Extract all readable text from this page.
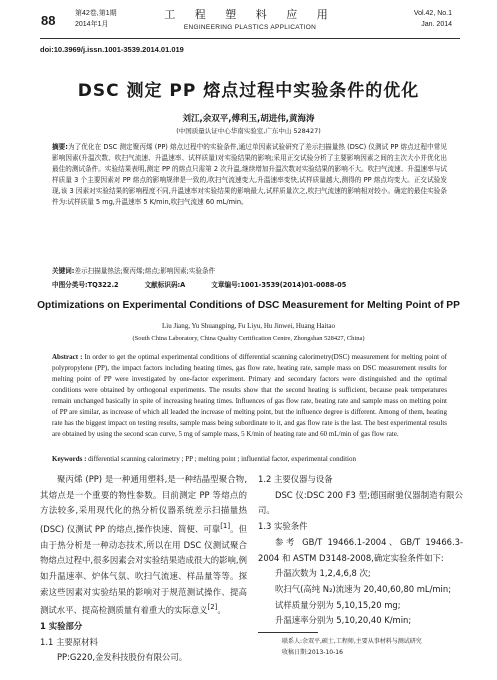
88	第42卷,第1期
2014年1月
工 程 塑 料 应 用
ENGINEERING PLASTICS APPLICATION
Vol.42, No.1
Jan. 2014
doi:10.3969/j.issn.1001-3539.2014.01.019
DSC 测定 PP 熔点过程中实验条件的优化
刘江,余双平,傅利玉,胡进伟,黄海涛
(中国质量认证中心华南实验室,广东中山 528427)
摘要:为了优化在 DSC 测定聚丙烯 (PP) 熔点过程中的实验条件,通过单因素试验研究了差示扫描量热 (DSC) 仪测试 PP 熔点过程中常见影响因素(升温次数、吹扫气流速、升温速率、试样质量)对实验结果的影响;采用正交试验分析了主要影响因素之间的主次大小并优化出最佳的测试条件。实验结果表明,测定 PP 的熔点只需第 2 次升温,继续增加升温次数对实验结果的影响不大。吹扫气流速、升温速率与试样质量 3 个主要因素对 PP 熔点的影响规律是一致的,吹扫气流速变大,升温速率变快,试样质量越大,测得的 PP 熔点均变大。正交试验发现,该 3 因素对实验结果的影响程度不同,升温速率对实验结果的影响最大,试样质量次之,吹扫气流速的影响相对较小。确定的最佳实验条件为:试样质量 5 mg,升温速率 5 K/min,吹扫气流速 60 mL/min。
关键词:差示扫描量热法;聚丙烯;熔点;影响因素;实验条件
中图分类号:TQ322.2	文献标识码:A	文章编号:1001-3539(2014)01-0088-05
Optimizations on Experimental Conditions of DSC Measurement for Melting Point of PP
Liu Jiang, Yu Shuangping, Fu Liyu, Hu Jinwei, Huang Haitao
(South China Laboratory, China Quality Certification Centre, Zhongshan 528427, China)
Abstract : In order to get the optimal experimental conditions of differential scanning calorimetry(DSC) measurement for melting point of polypropylene (PP), the impact factors including heating times, gas flow rate, heating rate, sample mass on DSC measurement results for melting point of PP were investigated by one-factor experiment. Primary and secondary factors were distinguished and the optimal conditions were obtained by orthogonal experiments. The results show that the second heating is sufficient, because peak temperatures remain unchanged basically in spite of increasing heating times. Influences of gas flow rate, heating rate and sample mass on melting point of PP are similar, as increase of which all leaded the increase of melting point, but the influence degree is different. Among of them, heating rate has the biggest impact on testing results, sample mass being subordinate to it, and gas flow rate is the last. The best experimental results are obtained by using the second scan curve, 5 mg of sample mass, 5 K/min of heating rate and 60 mL/min of gas flow rate.
Keywords : differential scanning calorimetry ; PP ; melting point ; influential factor, experimental condition

聚丙烯 (PP) 是一种通用塑料,是一种结晶型聚合物,其熔点是一个重要的物性参数。目前测定 PP 等熔点的方法较多,采用现代化的热分析仪器系统差示扫描量热 (DSC) 仪测试 PP 的熔点,操作快速、简便、可靠[1]。但由于热分析是一种动态技术,所以在用 DSC 仪测试聚合物熔点过程中,很多因素会对实验结果造成很大的影响,例如升温速率、炉体气氛、吹扫气流速、样品量等等。探索这些因素对实验结果的影响对于规范测试操作、提高测试水平、提高检测质量有着重大的实际意义[2]。

1 实验部分

1.1 主要原材料

PP:G220,金发科技股份有限公司。

1.2 主要仪器与设备

DSC 仪:DSC 200 F3 型;德国耐驰仪器制造有限公司。

1.3 实验条件

参考 GB/T 19466.1-2004、GB/T 19466.3-2004 和 ASTM D3148-2008,确定实验条件如下:

升温次数为 1,2,4,6,8 次;

吹扫气(高纯 N₂)流速为 20,40,60,80 mL/min;

试样质量分别为 5,10,15,20 mg;

升温速率分别为 5,10,20,40 K/min;

联系人:余双平,硕士,工程师,主要从事材料与测试研究
收稿日期:2013-10-16
